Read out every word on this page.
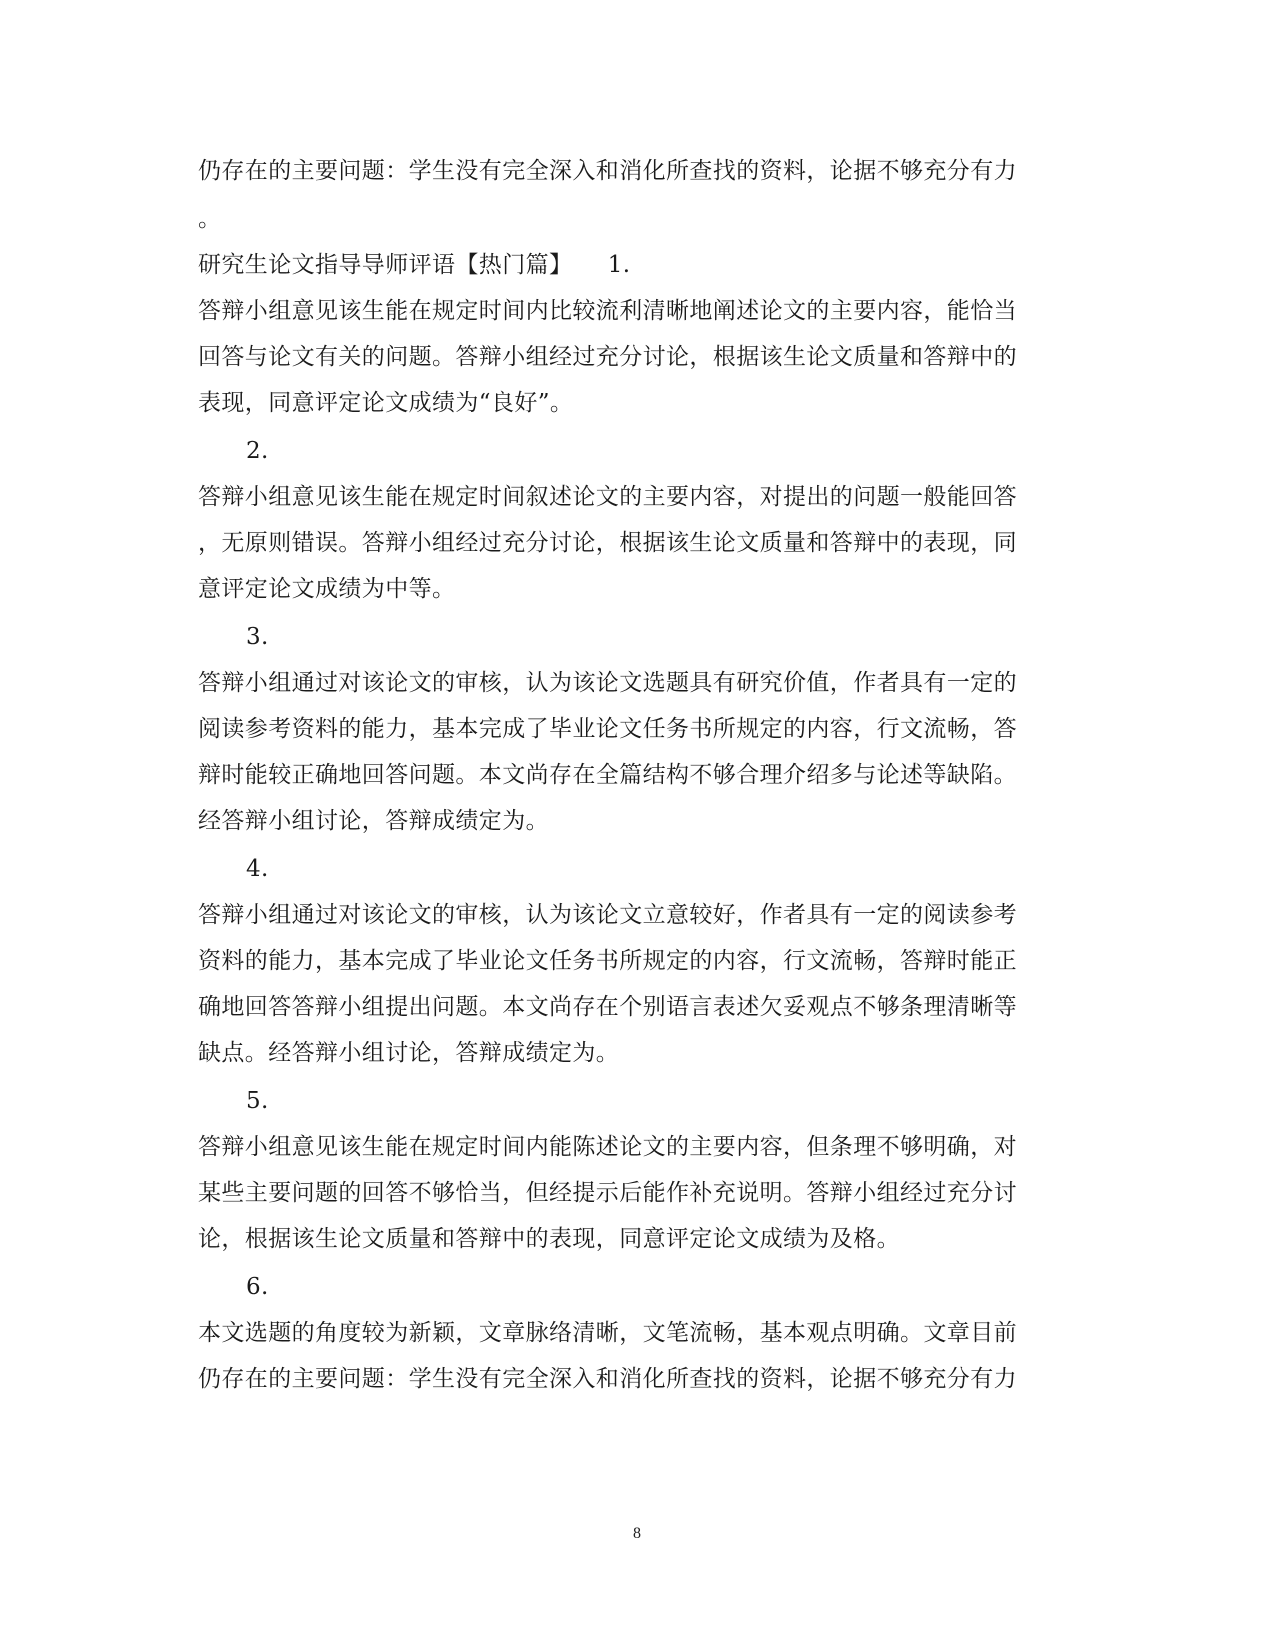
仍存在的主要问题：学生没有完全深入和消化所查找的资料，论据不够充分有力
。
研究生论文指导导师评语【热门篇】　　1.
答辩小组意见该生能在规定时间内比较流利清晰地阐述论文的主要内容，能恰当
回答与论文有关的问题。答辩小组经过充分讨论，根据该生论文质量和答辩中的
表现，同意评定论文成绩为“良好”。
2.
答辩小组意见该生能在规定时间叙述论文的主要内容，对提出的问题一般能回答
，无原则错误。答辩小组经过充分讨论，根据该生论文质量和答辩中的表现，同
意评定论文成绩为中等。
3.
答辩小组通过对该论文的审核，认为该论文选题具有研究价值，作者具有一定的
阅读参考资料的能力，基本完成了毕业论文任务书所规定的内容，行文流畅，答
辩时能较正确地回答问题。本文尚存在全篇结构不够合理介绍多与论述等缺陷。
经答辩小组讨论，答辩成绩定为。
4.
答辩小组通过对该论文的审核，认为该论文立意较好，作者具有一定的阅读参考
资料的能力，基本完成了毕业论文任务书所规定的内容，行文流畅，答辩时能正
确地回答答辩小组提出问题。本文尚存在个别语言表述欠妥观点不够条理清晰等
缺点。经答辩小组讨论，答辩成绩定为。
5.
答辩小组意见该生能在规定时间内能陈述论文的主要内容，但条理不够明确，对
某些主要问题的回答不够恰当，但经提示后能作补充说明。答辩小组经过充分讨
论，根据该生论文质量和答辩中的表现，同意评定论文成绩为及格。
6.
本文选题的角度较为新颖，文章脉络清晰，文笔流畅，基本观点明确。文章目前
仍存在的主要问题：学生没有完全深入和消化所查找的资料，论据不够充分有力
8
